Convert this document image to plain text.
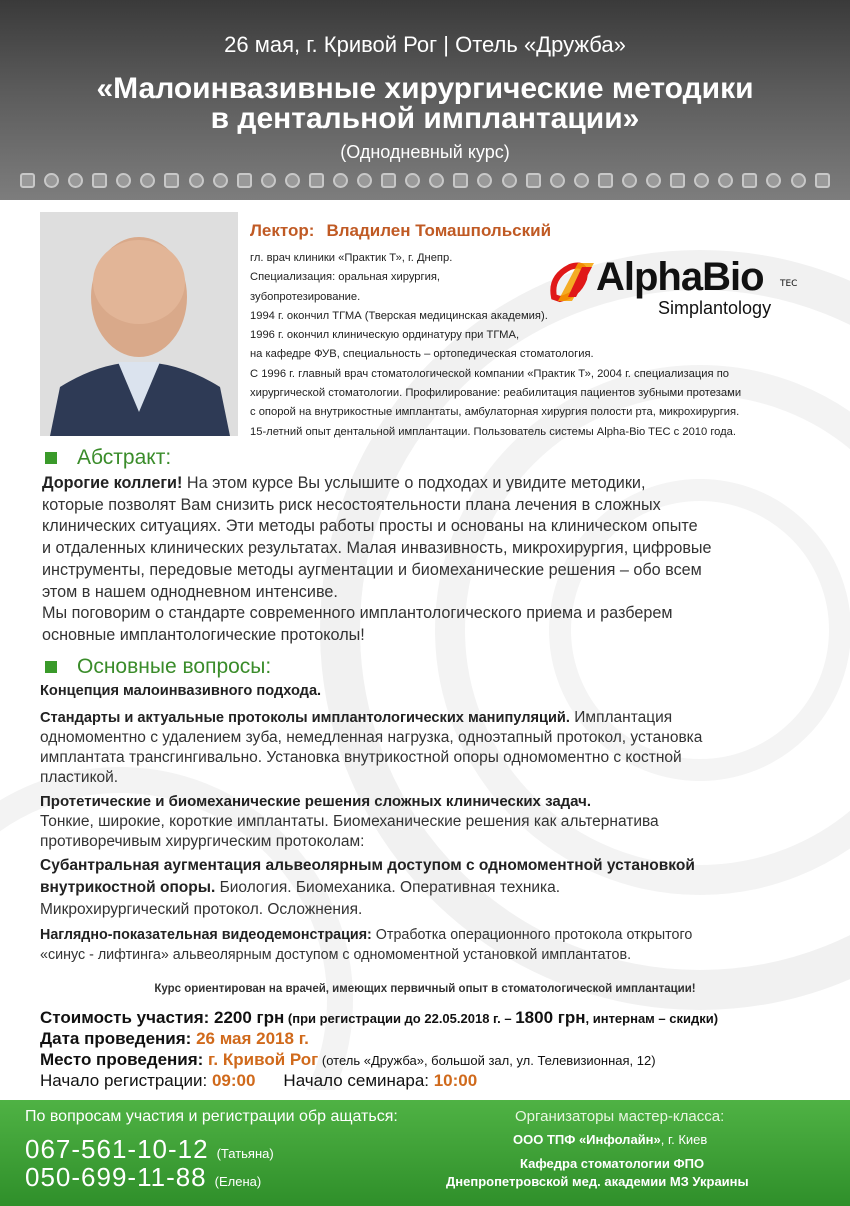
26 мая, г. Кривой Рог | Отель «Дружба»
«Малоинвазивные хирургические методики
в дентальной имплантации»
(Однодневный курс)
Лектор: Владилен Томашпольский
гл. врач клиники «Практик Т», г. Днепр.
Специализация: оральная хирургия,
зубопротезирование.
1994 г. окончил ТГМА (Тверская медицинская академия).
1996 г. окончил клиническую ординатуру при ТГМА,
на кафедре ФУВ, специальность – ортопедическая стоматология.
С 1996 г. главный врач стоматологической компании «Практик Т», 2004 г. специализация по
хирургической стоматологии. Профилирование: реабилитация пациентов зубными протезами
с опорой на внутрикостные имплантаты, амбулаторная хирургия полости рта, микрохирургия.
15-летний опыт дентальной имплантации. Пользователь системы Alpha-Bio TEC с 2010 года.
AlphaBio TEC
Simplantology
Абстракт:
Дорогие коллеги! На этом курсе Вы услышите о подходах и увидите методики,
которые позволят Вам снизить риск несостоятельности плана лечения в сложных
клинических ситуациях. Эти методы работы просты и основаны на клиническом опыте
и отдаленных клинических результатах. Малая инвазивность, микрохирургия, цифровые
инструменты, передовые методы аугментации и биомеханические решения – обо всем
этом в нашем однодневном интенсиве.
Мы поговорим о стандарте современного имплантологического приема и разберем
основные имплантологические протоколы!
Основные вопросы:
Концепция малоинвазивного подхода.
Стандарты и актуальные протоколы имплантологических манипуляций. Имплантация
одномоментно с удалением зуба, немедленная нагрузка, одноэтапный протокол, установка
имплантата трансгингивально. Установка внутрикостной опоры одномоментно с костной
пластикой.
Протетические и биомеханические решения сложных клинических задач.
Тонкие, широкие, короткие имплантаты. Биомеханические решения как альтернатива
противоречивым хирургическим протоколам:
Субантральная аугментация альвеолярным доступом с одномоментной установкой
внутрикостной опоры. Биология. Биомеханика. Оперативная техника.
Микрохирургический протокол. Осложнения.
Наглядно-показательная видеодемонстрация: Отработка операционного протокола открытого
«синус - лифтинга» альвеолярным доступом с одномоментной установкой имплантатов.
Курс ориентирован на врачей, имеющих первичный опыт в стоматологической имплантации!
Стоимость участия: 2200 грн (при регистрации до 22.05.2018 г. – 1800 грн, интернам – скидки)
Дата проведения: 26 мая 2018 г.
Место проведения: г. Кривой Рог (отель «Дружба», большой зал, ул. Телевизионная, 12)
Начало регистрации: 09:00 Начало семинара: 10:00
По вопросам участия и регистрации обр ащаться:
067-561-10-12 (Татьяна)
050-699-11-88 (Елена)
Организаторы мастер-класса:
ООО ТПФ «Инфолайн», г. Киев
Кафедра стоматологии ФПО
Днепропетровской мед. академии МЗ Украины
